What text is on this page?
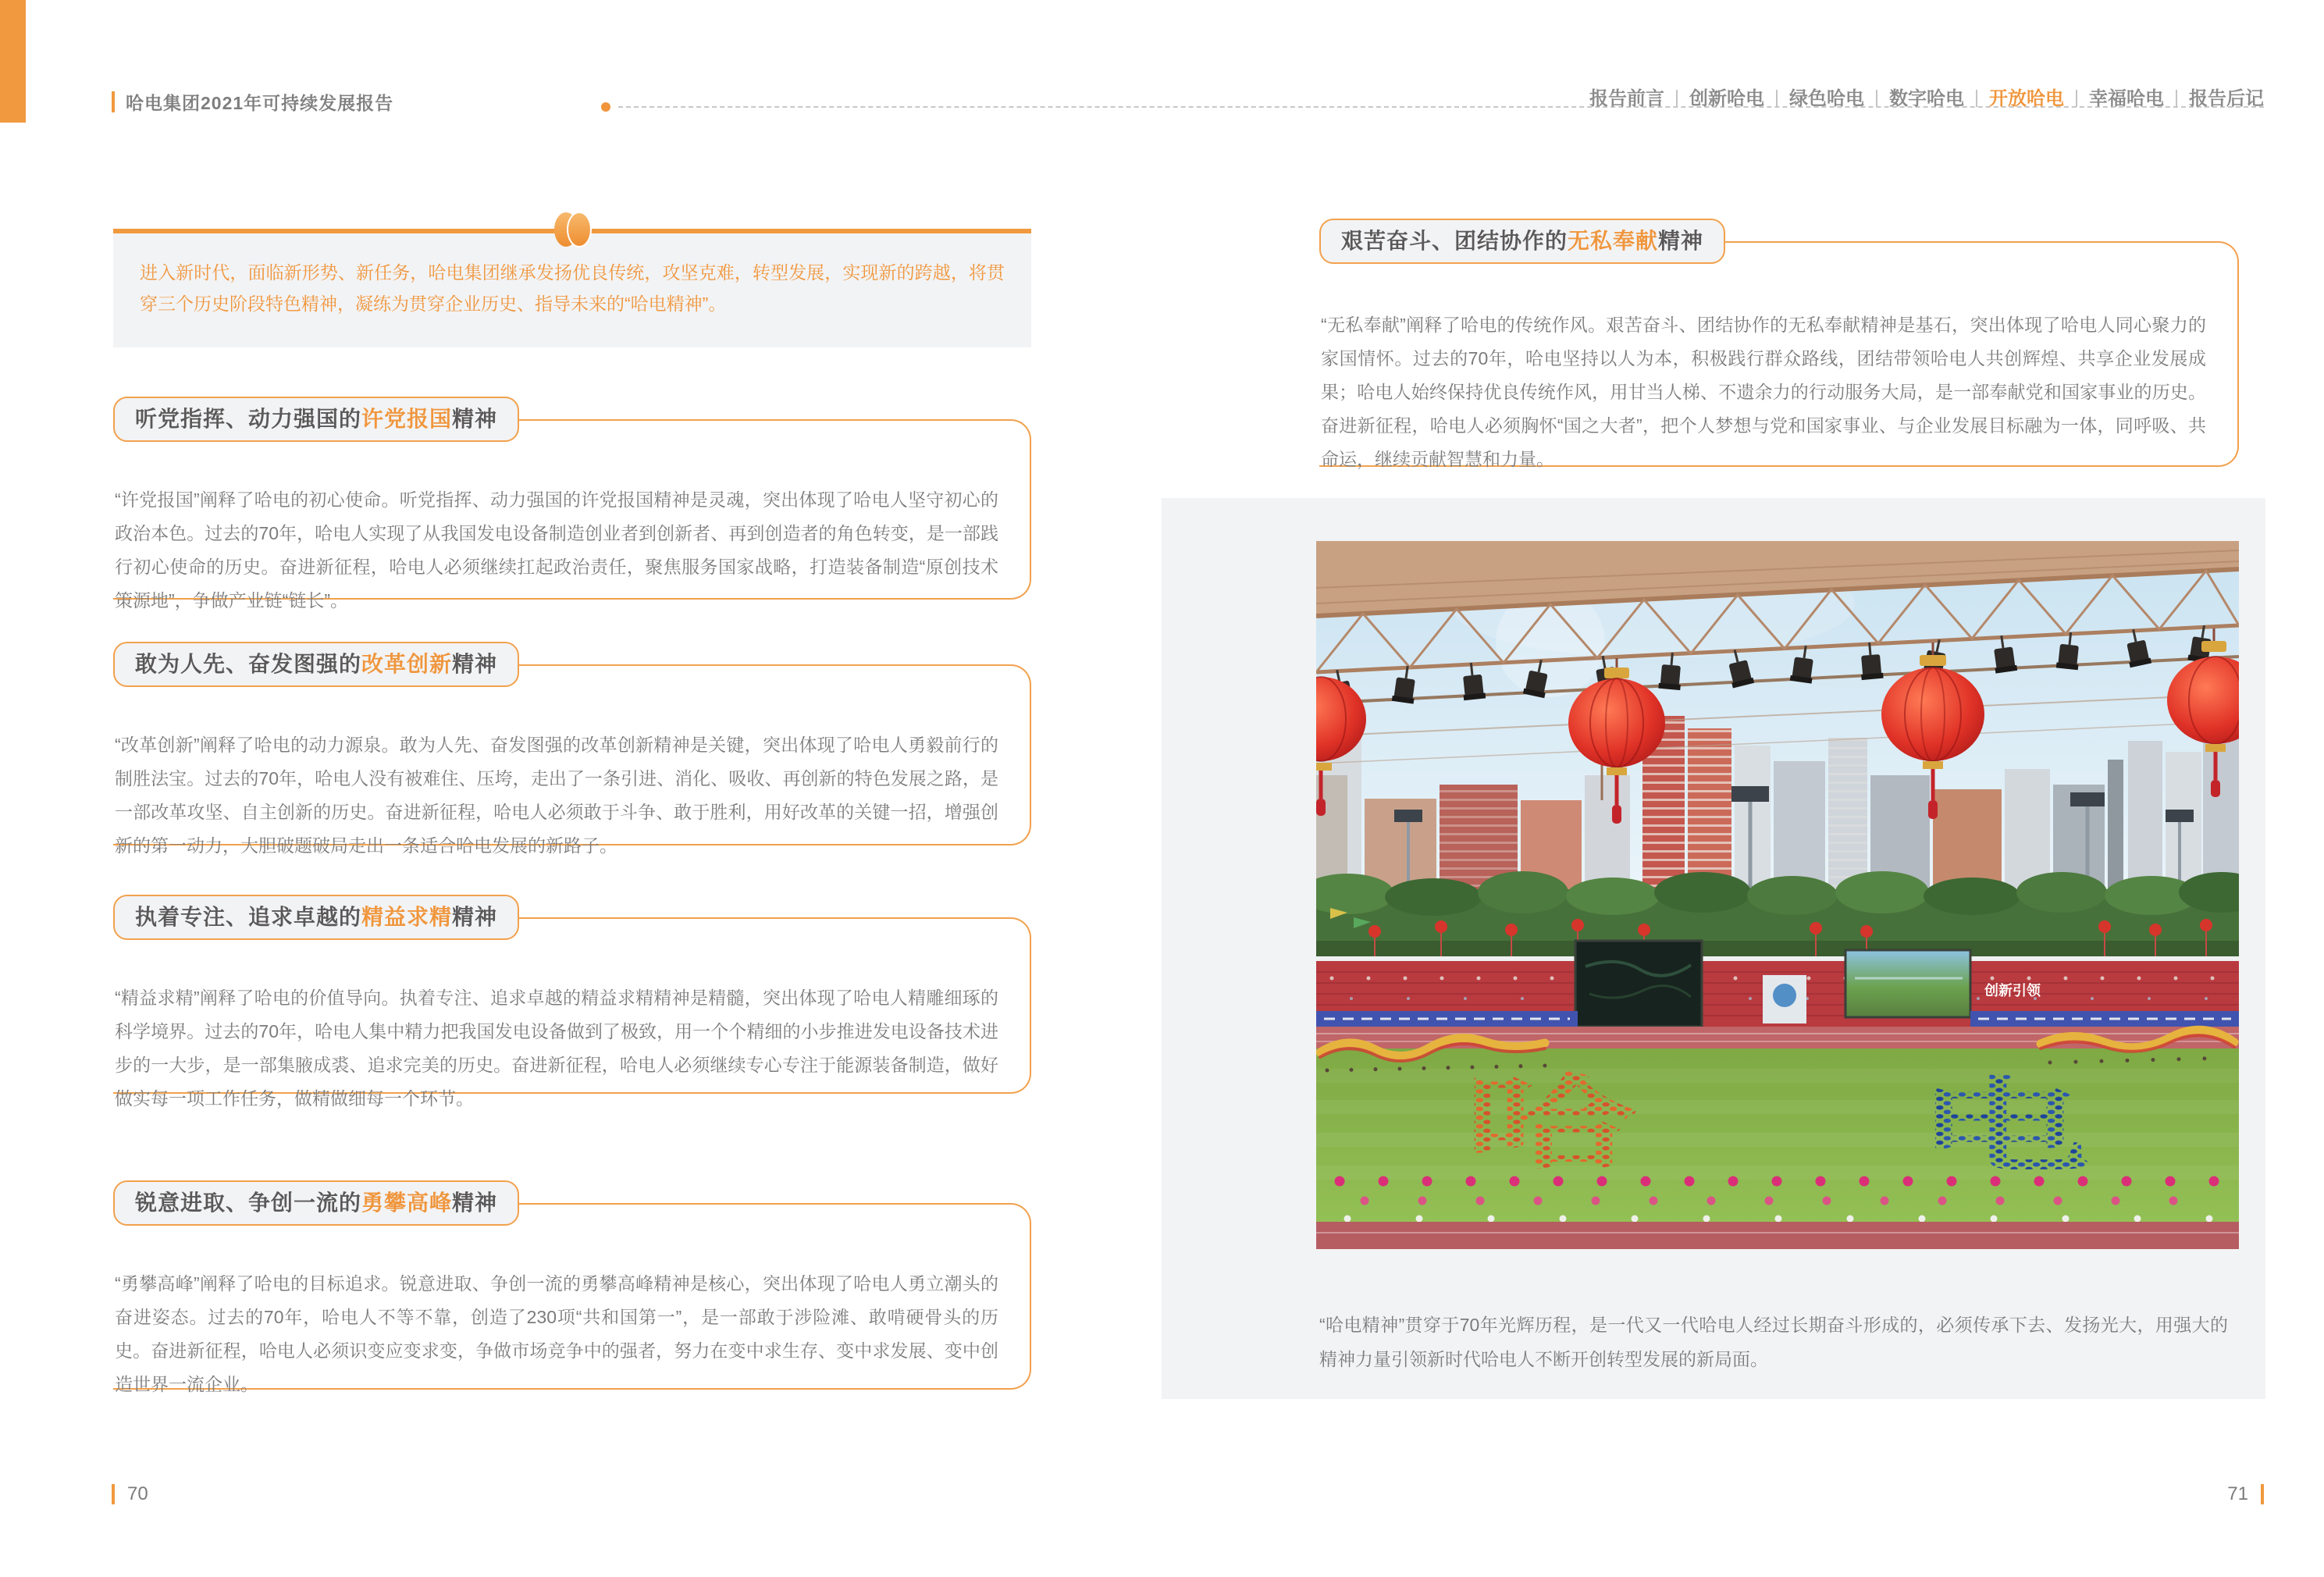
哈电集团2021年可持续发展报告	报告前言	创新哈电	绿色哈电	数字哈电	开放哈电	幸福哈电	报告后记
进入新时代，面临新形势、新任务，哈电集团继承发扬优良传统，攻坚克难，转型发展，实现新的跨越，将贯穿三个历史阶段特色精神，凝练为贯穿企业历史、指导未来的“哈电精神”。
听党指挥、动力强国的许党报国精神

“许党报国”阐释了哈电的初心使命。听党指挥、动力强国的许党报国精神是灵魂，突出体现了哈电人坚守初心的政治本色。过去的70年，哈电人实现了从我国发电设备制造创业者到创新者、再到创造者的角色转变，是一部践行初心使命的历史。奋进新征程，哈电人必须继续扛起政治责任，聚焦服务国家战略，打造装备制造“原创技术策源地”，争做产业链“链长”。

敢为人先、奋发图强的改革创新精神

“改革创新”阐释了哈电的动力源泉。敢为人先、奋发图强的改革创新精神是关键，突出体现了哈电人勇毅前行的制胜法宝。过去的70年，哈电人没有被难住、压垮，走出了一条引进、消化、吸收、再创新的特色发展之路，是一部改革攻坚、自主创新的历史。奋进新征程，哈电人必须敢于斗争、敢于胜利，用好改革的关键一招，增强创新的第一动力，大胆破题破局走出一条适合哈电发展的新路子。

执着专注、追求卓越的精益求精精神

“精益求精”阐释了哈电的价值导向。执着专注、追求卓越的精益求精精神是精髓，突出体现了哈电人精雕细琢的科学境界。过去的70年，哈电人集中精力把我国发电设备做到了极致，用一个个精细的小步推进发电设备技术进步的一大步，是一部集腋成裘、追求完美的历史。奋进新征程，哈电人必须继续专心专注于能源装备制造，做好做实每一项工作任务，做精做细每一个环节。

锐意进取、争创一流的勇攀高峰精神

“勇攀高峰”阐释了哈电的目标追求。锐意进取、争创一流的勇攀高峰精神是核心，突出体现了哈电人勇立潮头的奋进姿态。过去的70年，哈电人不等不靠，创造了230项“共和国第一”，是一部敢于涉险滩、敢啃硬骨头的历史。奋进新征程，哈电人必须识变应变求变，争做市场竞争中的强者，努力在变中求生存、变中求发展、变中创造世界一流企业。

艰苦奋斗、团结协作的无私奉献精神

“无私奉献”阐释了哈电的传统作风。艰苦奋斗、团结协作的无私奉献精神是基石，突出体现了哈电人同心聚力的家国情怀。过去的70年，哈电坚持以人为本，积极践行群众路线，团结带领哈电人共创辉煌、共享企业发展成果；哈电人始终保持优良传统作风，用甘当人梯、不遗余力的行动服务大局，是一部奉献党和国家事业的历史。奋进新征程，哈电人必须胸怀“国之大者”，把个人梦想与党和国家事业、与企业发展目标融为一体，同呼吸、共命运，继续贡献智慧和力量。

创新引领
哈 电

“哈电精神”贯穿于70年光辉历程，是一代又一代哈电人经过长期奋斗形成的，必须传承下去、发扬光大，用强大的精神力量引领新时代哈电人不断开创转型发展的新局面。

70	71
